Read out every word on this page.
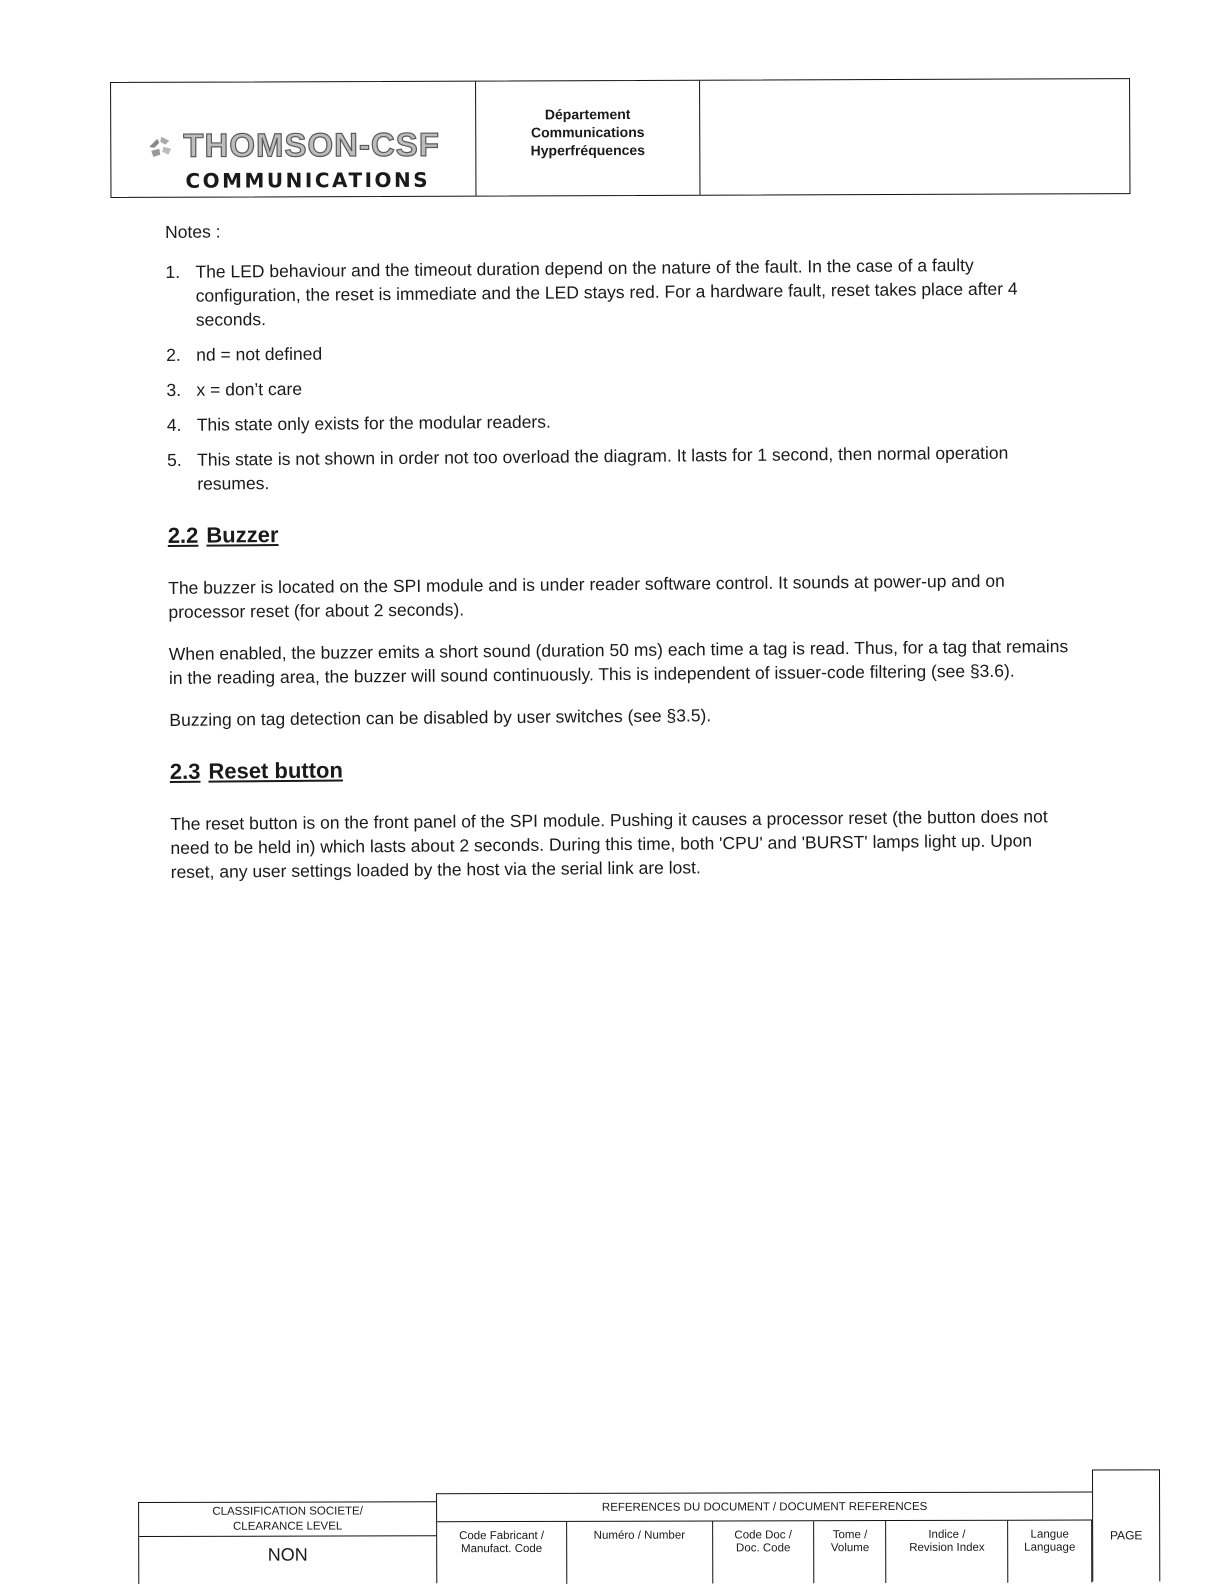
THOMSON-CSF
COMMUNICATIONS
Département
Communications
Hyperfréquences
Notes :
1. The LED behaviour and the timeout duration depend on the nature of the fault. In the case of a faulty configuration, the reset is immediate and the LED stays red. For a hardware fault, reset takes place after 4 seconds.
2. nd = not defined
3. x = don’t care
4. This state only exists for the modular readers.
5. This state is not shown in order not too overload the diagram. It lasts for 1 second, then normal operation resumes.
2.2 Buzzer

The buzzer is located on the SPI module and is under reader software control. It sounds at power-up and on processor reset (for about 2 seconds).

When enabled, the buzzer emits a short sound (duration 50 ms) each time a tag is read. Thus, for a tag that remains in the reading area, the buzzer will sound continuously. This is independent of issuer-code filtering (see §3.6).

Buzzing on tag detection can be disabled by user switches (see §3.5).

2.3 Reset button

The reset button is on the front panel of the SPI module. Pushing it causes a processor reset (the button does not need to be held in) which lasts about 2 seconds. During this time, both 'CPU' and 'BURST' lamps light up. Upon reset, any user settings loaded by the host via the serial link are lost.

CLASSIFICATION SOCIETE/
CLEARANCE LEVEL
NON
REFERENCES DU DOCUMENT / DOCUMENT REFERENCES
Code Fabricant /
Manufact. Code
Numéro / Number	Code Doc /
Doc. Code
Tome /
Volume
Indice /
Revision Index
Langue
Language
PAGE
